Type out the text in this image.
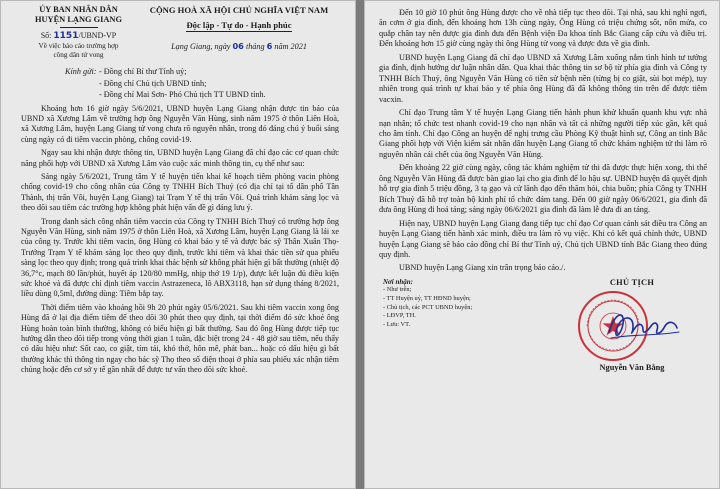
ỦY BAN NHÂN DÂN
HUYỆN LẠNG GIANG
Số: 1151/UBND-VP
Về việc báo cáo trường hợp
công dân tử vong
CỘNG HOÀ XÃ HỘI CHỦ NGHĨA VIỆT NAM
Độc lập - Tự do - Hạnh phúc
Lạng Giang, ngày 06 tháng 6 năm 2021
Kính gửi: - Đồng chí Bí thư Tỉnh uỷ;
- Đồng chí Chủ tịch UBND tỉnh;
- Đồng chí Mai Sơn- Phó Chủ tịch TT UBND tỉnh.

Khoảng hơn 16 giờ ngày 5/6/2021, UBND huyện Lạng Giang nhận được tin báo của UBND xã Xương Lâm về trường hợp ông Nguyễn Văn Hùng, sinh năm 1975 ở thôn Liên Hoà, xã Xương Lâm, huyện Lạng Giang tử vong chưa rõ nguyên nhân, trong đó đáng chú ý buổi sáng cùng ngày có đi tiêm vaccin phòng, chống covid-19.

Ngay sau khi nhận được thông tin, UBND huyện Lạng Giang đã chỉ đạo các cơ quan chức năng phối hợp với UBND xã Xương Lâm vào cuộc xác minh thông tin, cụ thể như sau:

Sáng ngày 5/6/2021, Trung tâm Y tế huyện tiến khai kế hoạch tiêm phòng vacin phòng chống covid-19 cho công nhân của Công ty TNHH Bích Thuỷ (có địa chỉ tại tổ dân phố Tân Thành, thị trấn Vôi, huyện Lạng Giang) tại Trạm Y tế thị trấn Vôi. Quá trình khám sàng lọc và theo dõi sau tiêm các trường hợp không phát hiện vấn đề gì đáng lưu ý.

Trong danh sách công nhân tiêm vaccin của Công ty TNHH Bích Thuỷ có trường hợp ông Nguyễn Văn Hùng, sinh năm 1975 ở thôn Liên Hoà, xã Xương Lâm, huyện Lạng Giang là lái xe của công ty. Trước khi tiêm vacin, ông Hùng có khai báo y tế và được bác sỹ Thân Xuân Thọ- Trưởng Trạm Y tế khám sàng lọc theo quy định, trước khi tiêm và khai thác tiền sử qua phiếu sàng lọc theo quy định; trong quá trình khai thác bệnh sử không phát hiện gì bất thường (nhiệt độ 36,7°c, mạch 80 lần/phút, huyết áp 120/80 mmHg, nhịp thở 19 1/p), được kết luận đủ điều kiện sức khoẻ và đã được chỉ định tiêm vaccin Astrazeneca, lô ABX3118, hạn sử dụng tháng 8/2021, liều dùng 0,5ml, đường dùng: Tiêm bắp tay.

Thời điểm tiêm vào khoảng hồi 9h 20 phút ngày 05/6/2021. Sau khi tiêm vaccin xong ông Hùng đã ở lại địa điểm tiêm để theo dõi 30 phút theo quy định, tại thời điểm đó sức khoẻ ông Hùng hoàn toàn bình thường, không có biểu hiện gì bất thường. Sau đó ông Hùng được tiếp tục hướng dẫn theo dõi tiếp trong vòng thời gian 1 tuần, đặc biệt trong 24 - 48 giờ sau tiêm, nếu thấy có dấu hiệu như: Sốt cao, co giật, tím tái, khó thở, hôn mê, phát ban... hoặc có dấu hiệu gì bất thường khác thì thông tin ngay cho bác sỹ Thọ theo số điện thoại ở phía sau phiếu xác nhận tiêm chủng hoặc đến cơ sở y tế gần nhất để được tư vấn theo dõi sức khoẻ.

Đến 10 giờ 10 phút ông Hùng được cho về nhà tiếp tục theo dõi. Tại nhà, sau khi nghỉ ngơi, ăn cơm ở gia đình, đến khoảng hơn 13h cùng ngày, Ông Hùng có triệu chứng sốt, nôn mửa, co quắp chân tay nên được gia đình đưa đến Bệnh viện Đa khoa tỉnh Bắc Giang cấp cứu và điều trị. Đến khoảng hơn 15 giờ cùng ngày thì ông Hùng tử vong và được đưa về gia đình.

UBND huyện Lạng Giang đã chỉ đạo UBND xã Xương Lâm xuống nắm tình hình tư tưởng gia đình, định hướng dư luận nhân dân. Qua khai thác thông tin sơ bộ từ phía gia đình và Công ty TNHH Bích Thuỷ, ông Nguyễn Văn Hùng có tiền sử bệnh nền (từng bị co giật, sùi bọt mép), tuy nhiên trong quá trình tự khai báo y tế phía ông Hùng đã đã không thông tin trên để được tiêm vacxin.

Chỉ đạo Trung tâm Y tế huyện Lạng Giang tiến hành phun khử khuẩn quanh khu vực nhà nạn nhân; tổ chức test nhanh covid-19 cho nạn nhân và tất cả những người tiếp xúc gần, kết quả cho âm tính. Chỉ đạo Công an huyện để nghị trưng cầu Phòng Kỹ thuật hình sự, Công an tỉnh Bắc Giang phối hợp với Viện kiểm sát nhân dân huyện Lạng Giang tổ chức khám nghiệm tử thi làm rõ nguyên nhân cái chết của ông Nguyễn Văn Hùng.

Đến khoảng 22 giờ cùng ngày, công tác khám nghiệm tử thi đã được thực hiện xong, thi thể ông Nguyễn Văn Hùng đã được bàn giao lại cho gia đình để lo hậu sự. UBND huyện đã quyết định hỗ trợ gia đình 5 triệu đồng, 3 tạ gạo và cử lãnh đạo đến thăm hỏi, chia buồn; phía Công ty TNHH Bích Thuỷ đã hỗ trợ toàn bộ kinh phí tổ chức đám tang. Đến 00 giờ ngày 06/6/2021, gia đình đã đưa ông Hùng đi hoả táng; sáng ngày 06/6/2021 gia đình đã làm lễ đưa đi an táng.

Hiện nay, UBND huyện Lạng Giang đang tiếp tục chỉ đạo Cơ quan cảnh sát điều tra Công an huyện Lạng Giang tiến hành xác minh, điều tra làm rõ vụ việc. Khi có kết quả chính thức, UBND huyện Lạng Giang sẽ báo cáo đồng chí Bí thư Tỉnh uỷ, Chủ tịch UBND tỉnh Bắc Giang theo đúng quy định.

UBND huyện Lạng Giang xin trân trọng báo cáo./.

Nơi nhận:
- Như trên;
- TT Huyện uỷ, TT HĐND huyện;
- Chủ tịch, các PCT UBND huyện;
- LĐVP, TH.
- Lưu: VT.
CHỦ TỊCH
Nguyễn Văn Bằng
